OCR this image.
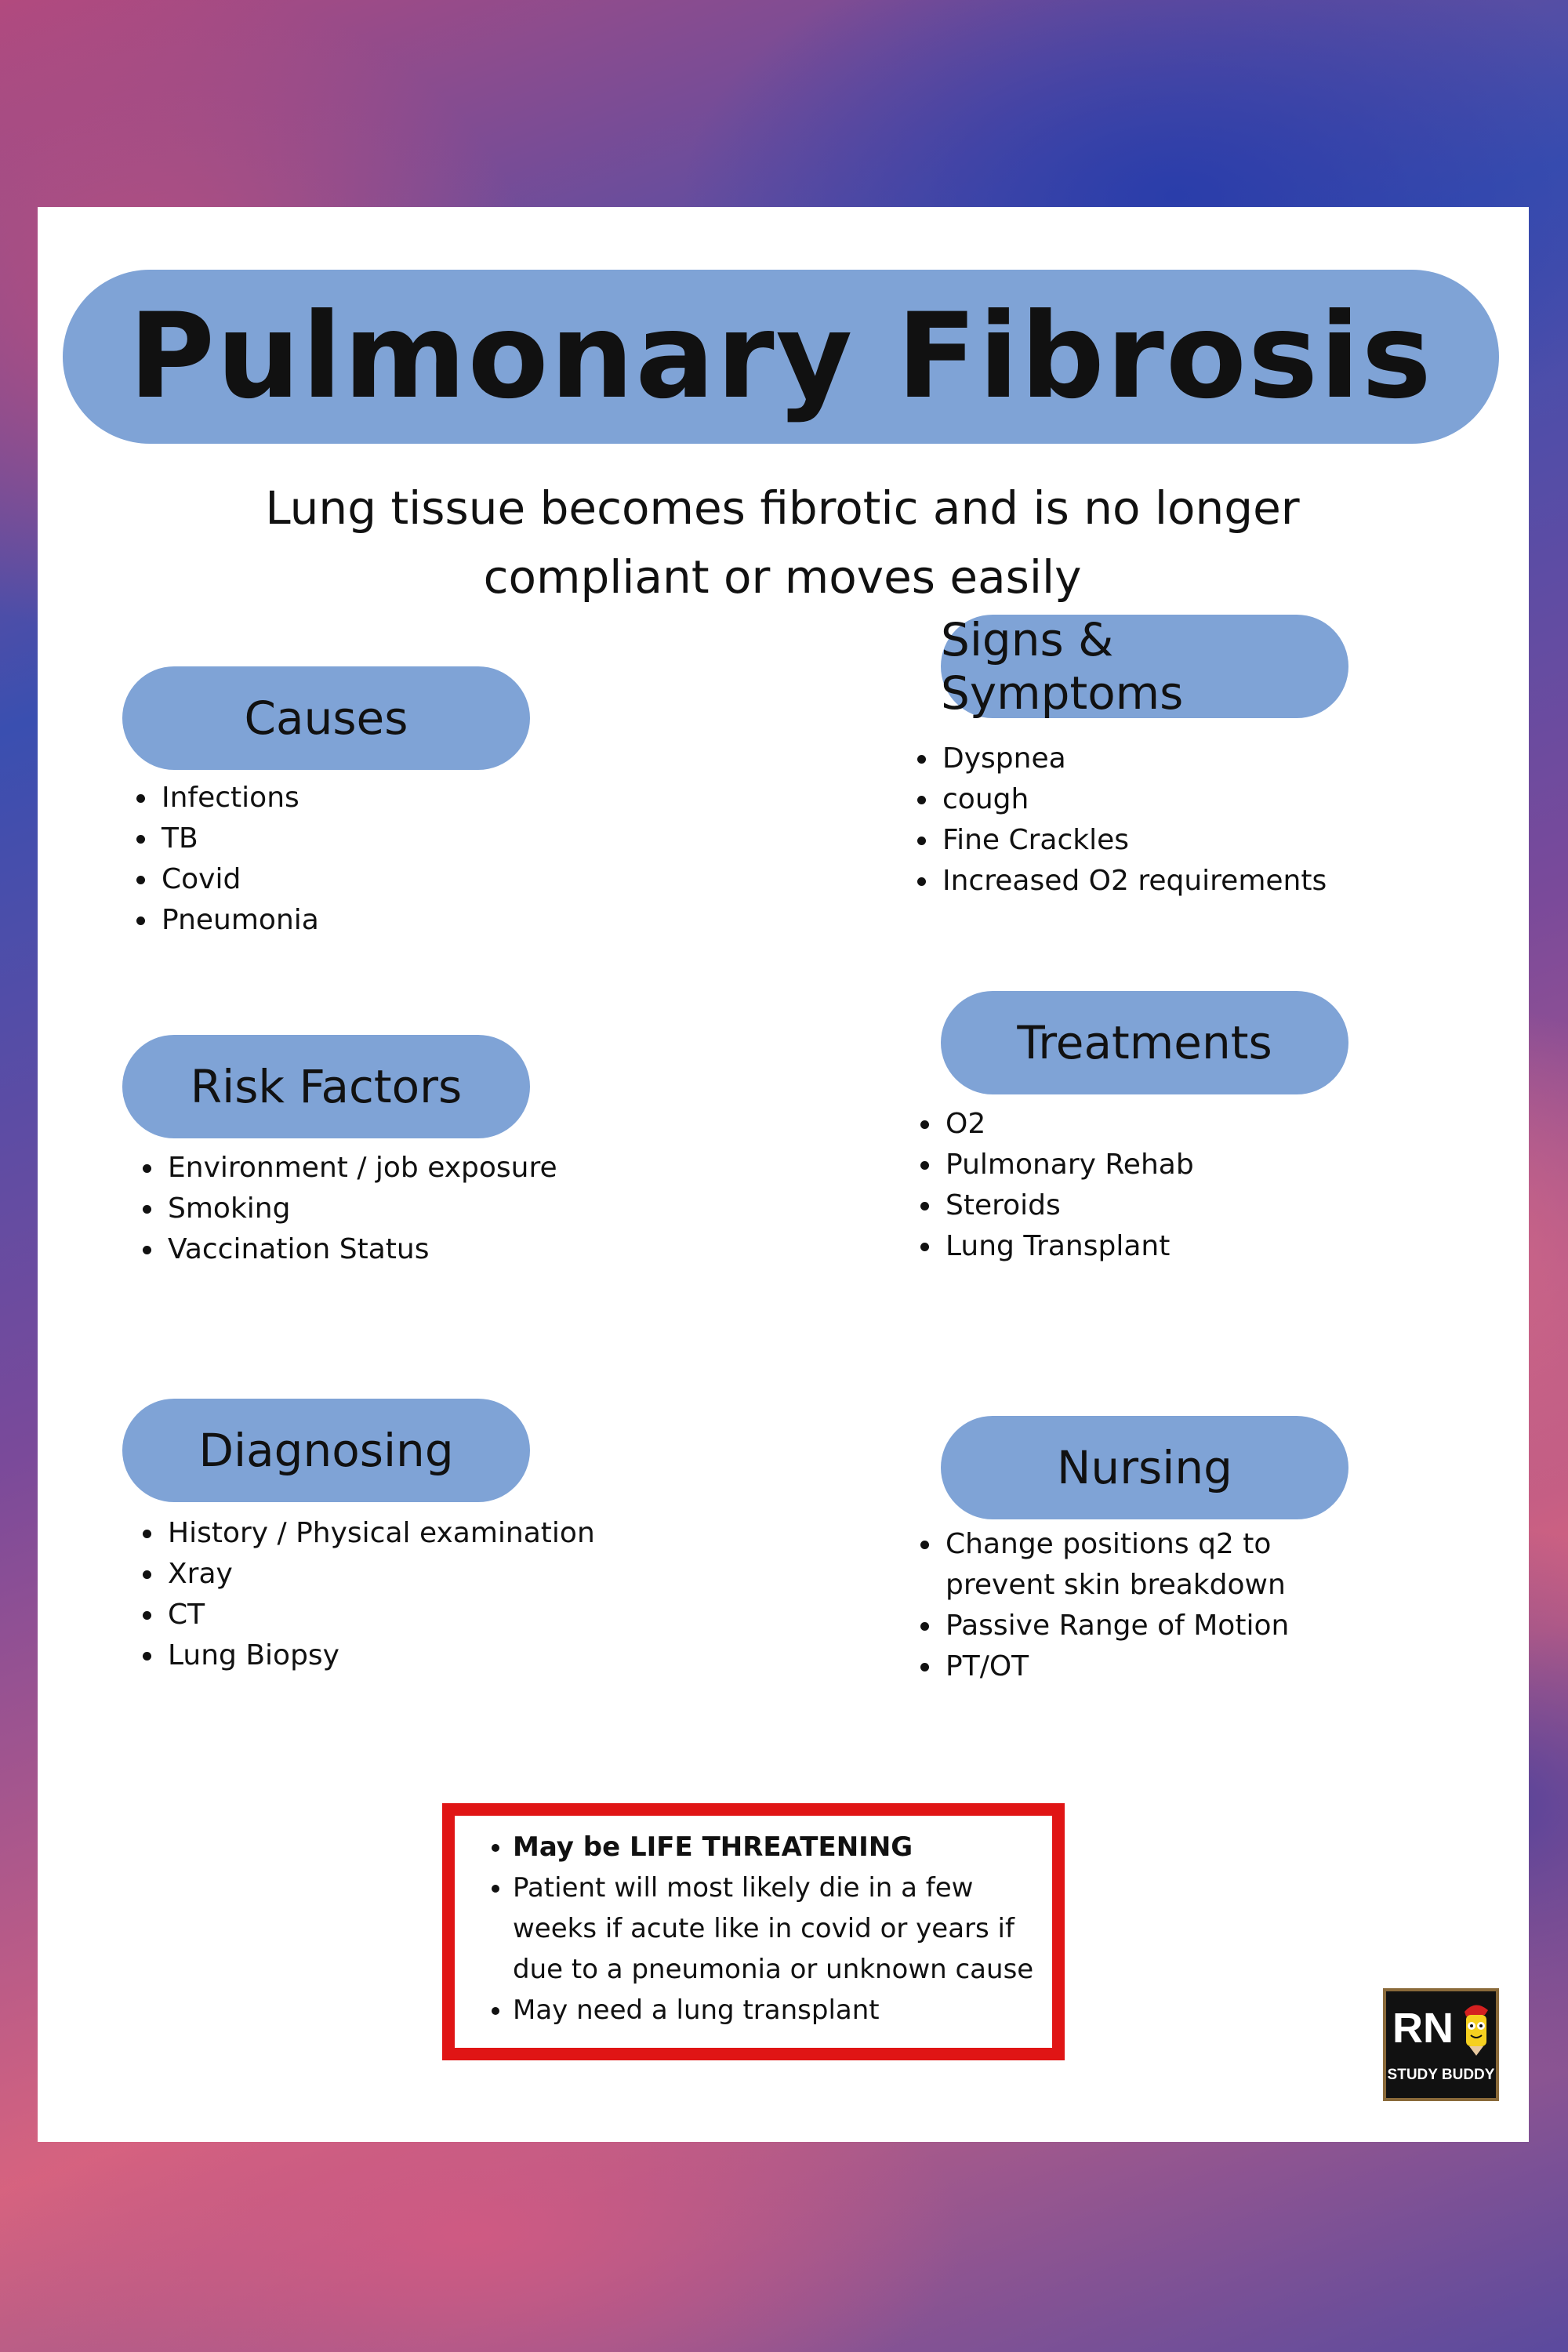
Pulmonary Fibrosis
Lung tissue becomes fibrotic and is no longer compliant or moves easily
Causes
• Infections
• TB
• Covid
• Pneumonia
Signs & Symptoms
• Dyspnea
• cough
• Fine Crackles
• Increased O2 requirements
Risk Factors
• Environment / job exposure
• Smoking
• Vaccination Status
Treatments
• O2
• Pulmonary Rehab
• Steroids
• Lung Transplant
Diagnosing
• History / Physical examination
• Xray
• CT
• Lung Biopsy
Nursing
• Change positions q2 to prevent skin breakdown
• Passive Range of Motion
• PT/OT
• May be LIFE THREATENING
• Patient will most likely die in a few weeks if acute like in covid or years if due to a pneumonia or unknown cause
• May need a lung transplant	RN
STUDY BUDDY
